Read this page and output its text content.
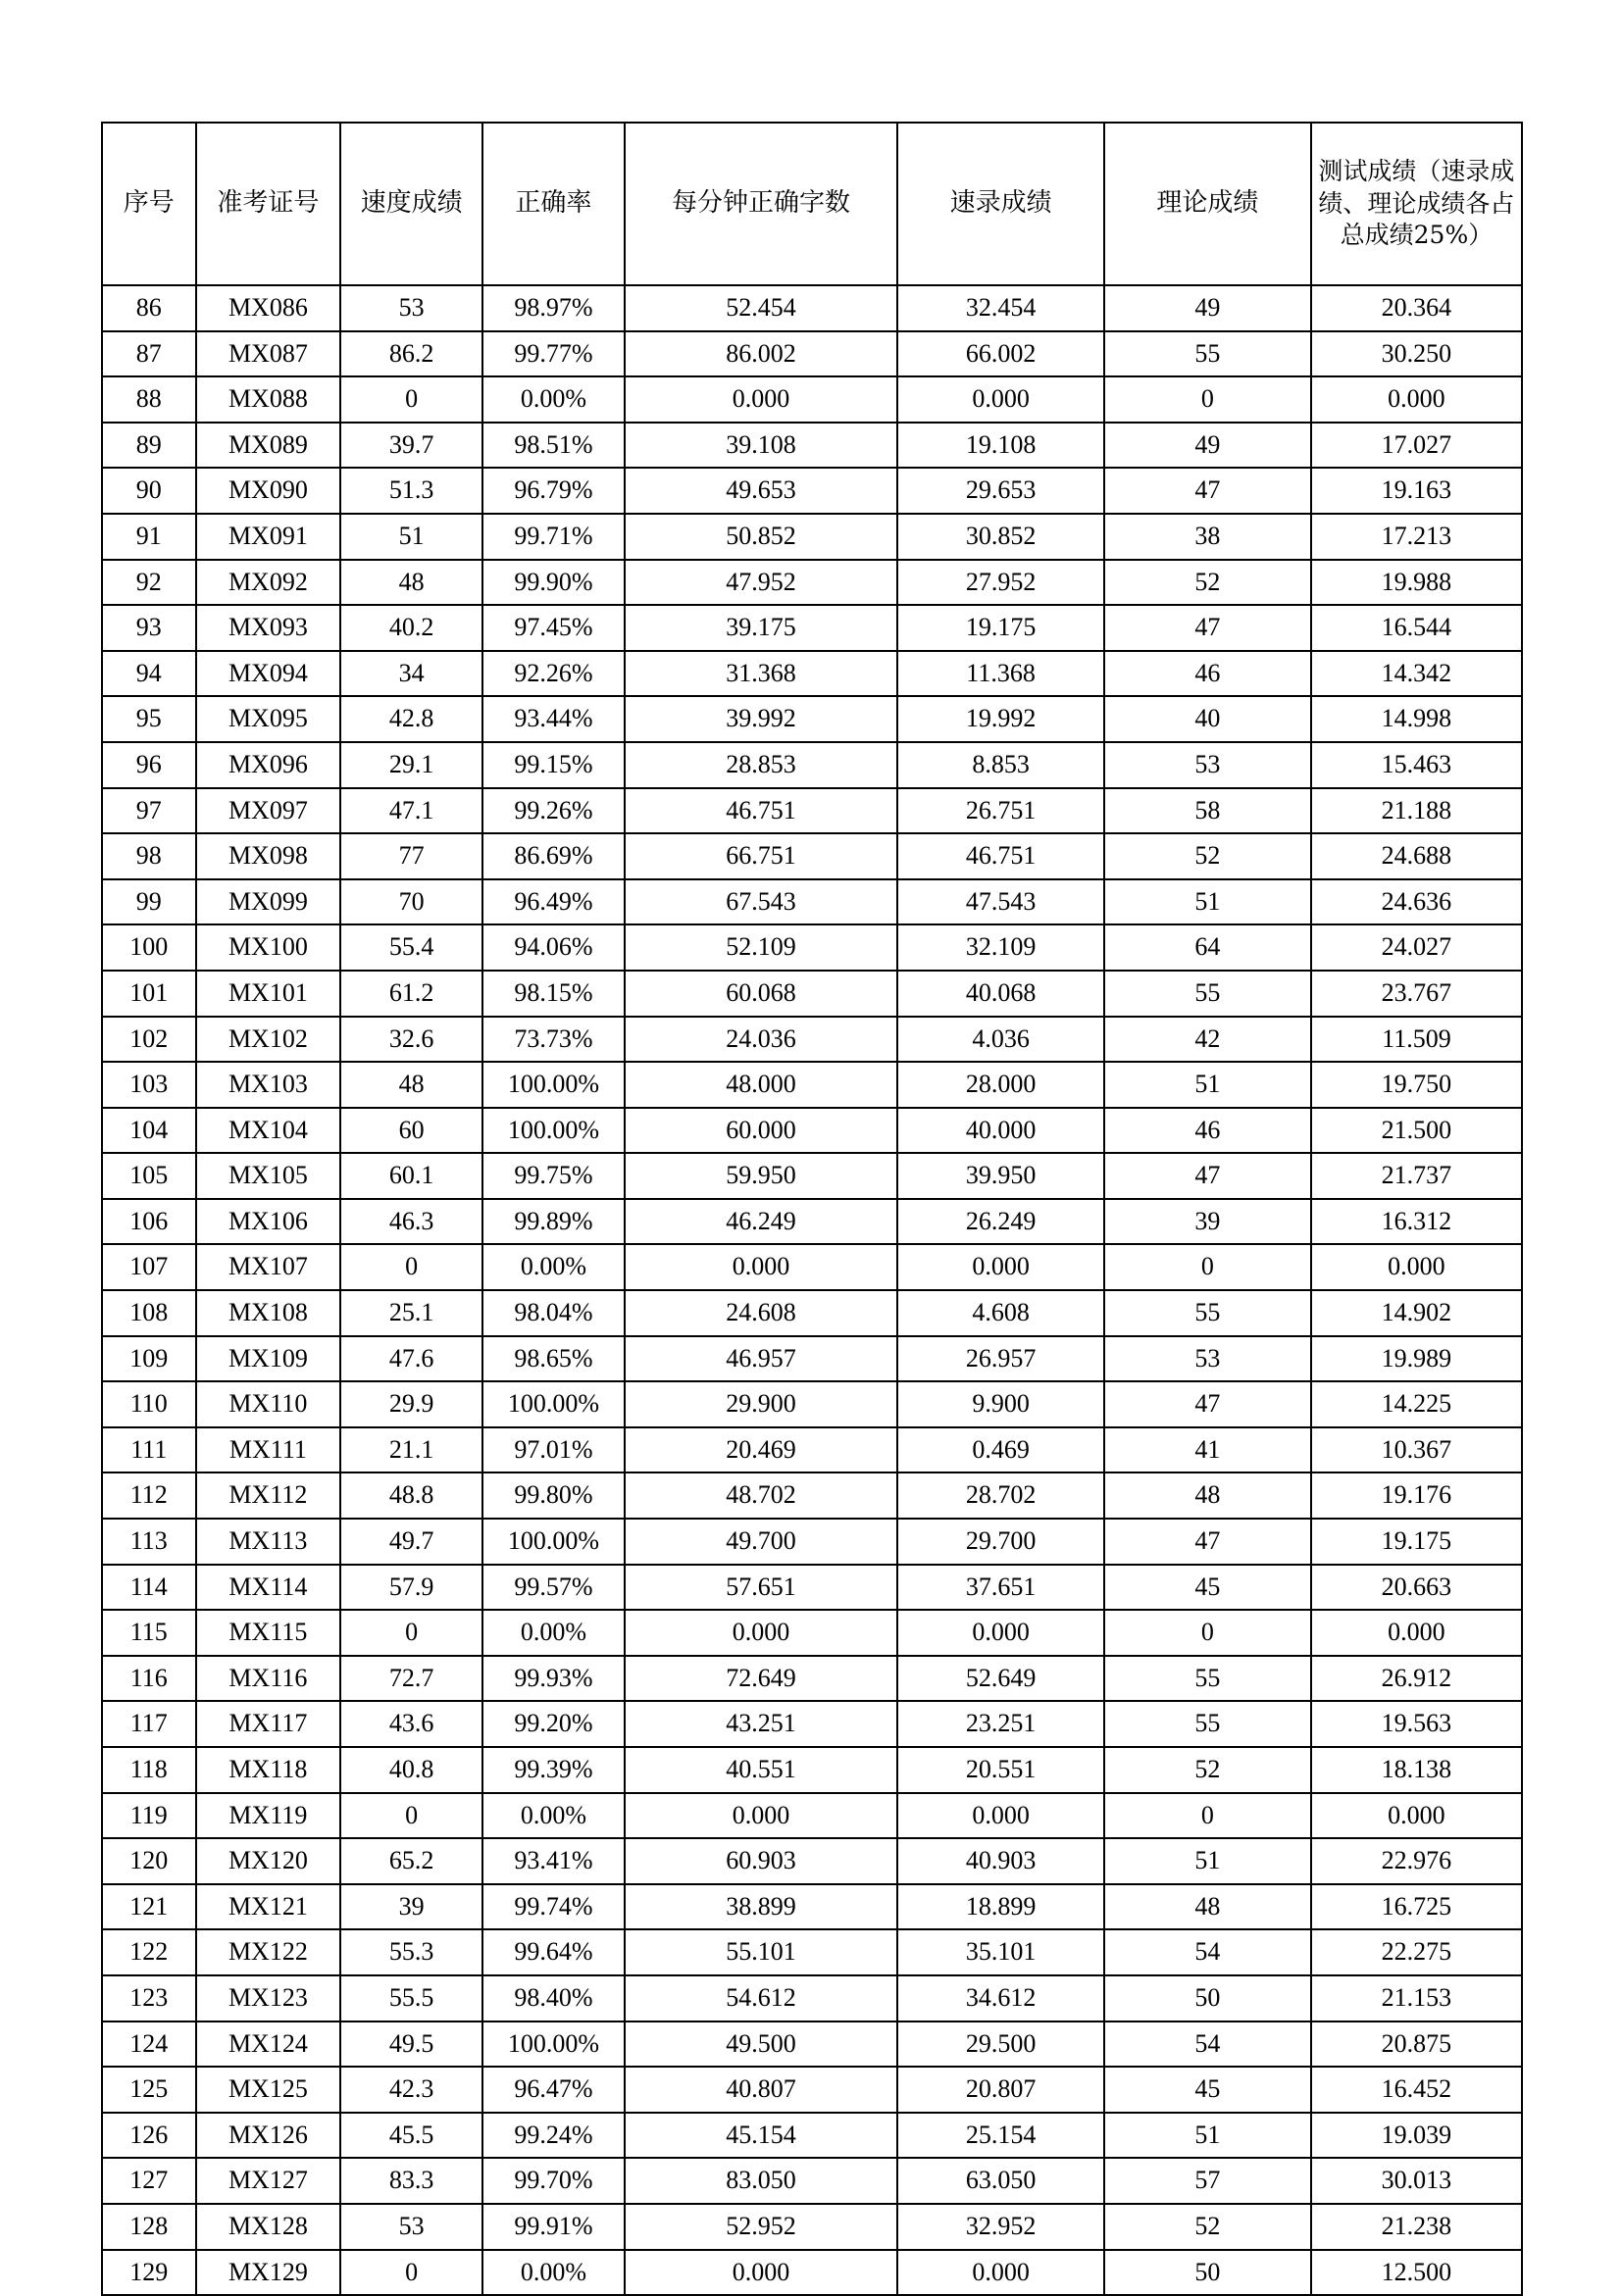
序号	准考证号	速度成绩	正确率	每分钟正确字数	速录成绩	理论成绩	测试成绩（速录成绩、理论成绩各占总成绩25%）
86	MX086	53	98.97%	52.454	32.454	49	20.364
87	MX087	86.2	99.77%	86.002	66.002	55	30.250
88	MX088	0	0.00%	0.000	0.000	0	0.000
89	MX089	39.7	98.51%	39.108	19.108	49	17.027
90	MX090	51.3	96.79%	49.653	29.653	47	19.163
91	MX091	51	99.71%	50.852	30.852	38	17.213
92	MX092	48	99.90%	47.952	27.952	52	19.988
93	MX093	40.2	97.45%	39.175	19.175	47	16.544
94	MX094	34	92.26%	31.368	11.368	46	14.342
95	MX095	42.8	93.44%	39.992	19.992	40	14.998
96	MX096	29.1	99.15%	28.853	8.853	53	15.463
97	MX097	47.1	99.26%	46.751	26.751	58	21.188
98	MX098	77	86.69%	66.751	46.751	52	24.688
99	MX099	70	96.49%	67.543	47.543	51	24.636
100	MX100	55.4	94.06%	52.109	32.109	64	24.027
101	MX101	61.2	98.15%	60.068	40.068	55	23.767
102	MX102	32.6	73.73%	24.036	4.036	42	11.509
103	MX103	48	100.00%	48.000	28.000	51	19.750
104	MX104	60	100.00%	60.000	40.000	46	21.500
105	MX105	60.1	99.75%	59.950	39.950	47	21.737
106	MX106	46.3	99.89%	46.249	26.249	39	16.312
107	MX107	0	0.00%	0.000	0.000	0	0.000
108	MX108	25.1	98.04%	24.608	4.608	55	14.902
109	MX109	47.6	98.65%	46.957	26.957	53	19.989
110	MX110	29.9	100.00%	29.900	9.900	47	14.225
111	MX111	21.1	97.01%	20.469	0.469	41	10.367
112	MX112	48.8	99.80%	48.702	28.702	48	19.176
113	MX113	49.7	100.00%	49.700	29.700	47	19.175
114	MX114	57.9	99.57%	57.651	37.651	45	20.663
115	MX115	0	0.00%	0.000	0.000	0	0.000
116	MX116	72.7	99.93%	72.649	52.649	55	26.912
117	MX117	43.6	99.20%	43.251	23.251	55	19.563
118	MX118	40.8	99.39%	40.551	20.551	52	18.138
119	MX119	0	0.00%	0.000	0.000	0	0.000
120	MX120	65.2	93.41%	60.903	40.903	51	22.976
121	MX121	39	99.74%	38.899	18.899	48	16.725
122	MX122	55.3	99.64%	55.101	35.101	54	22.275
123	MX123	55.5	98.40%	54.612	34.612	50	21.153
124	MX124	49.5	100.00%	49.500	29.500	54	20.875
125	MX125	42.3	96.47%	40.807	20.807	45	16.452
126	MX126	45.5	99.24%	45.154	25.154	51	19.039
127	MX127	83.3	99.70%	83.050	63.050	57	30.013
128	MX128	53	99.91%	52.952	32.952	52	21.238
129	MX129	0	0.00%	0.000	0.000	50	12.500
